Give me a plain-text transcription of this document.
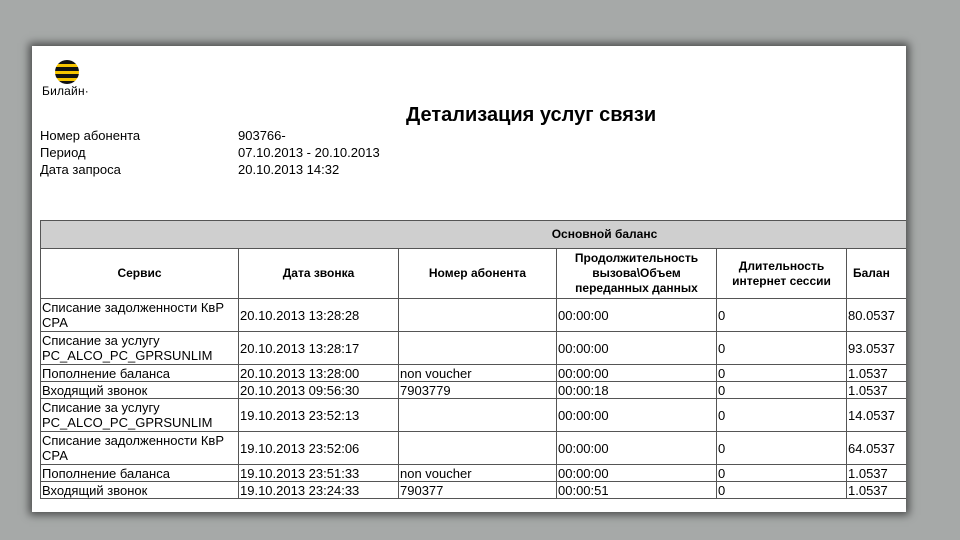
Билайн·
Детализация услуг связи
Номер абонента	903766-
Период	07.10.2013 - 20.10.2013
Дата запроса	20.10.2013 14:32
Основной баланс					
Сервис	Дата звонка	Номер абонента	Продолжительность вызова\Объем переданных данных	Длительность интернет сессии	Балан
Списание задолженности КвР СРА	20.10.2013 13:28:28		00:00:00	0	80.0537
Списание за услугу PC_ALCO_PC_GPRSUNLIM	20.10.2013 13:28:17		00:00:00	0	93.0537
Пополнение баланса	20.10.2013 13:28:00	non voucher	00:00:00	0	1.0537
Входящий звонок	20.10.2013 09:56:30	7903779	00:00:18	0	1.0537
Списание за услугу PC_ALCO_PC_GPRSUNLIM	19.10.2013 23:52:13		00:00:00	0	14.0537
Списание задолженности КвР СРА	19.10.2013 23:52:06		00:00:00	0	64.0537
Пополнение баланса	19.10.2013 23:51:33	non voucher	00:00:00	0	1.0537
Входящий звонок	19.10.2013 23:24:33	790377	00:00:51	0	1.0537
